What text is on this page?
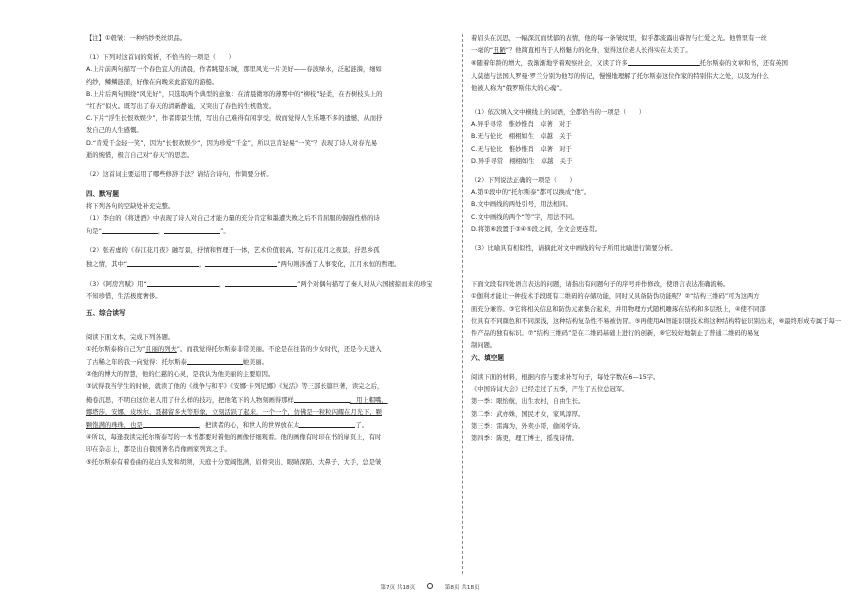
【注】①毂皱：一种绉纱类丝织品。

（1）下列对这首词的赏析，不恰当的一项是（　　）

A.上片前两句描写一个春色宜人的清晨，作者眺望东城，那里风光一片美好——春波绿水，泛起涟漪，细如

约纱，鳞鳞涟漾，好像在向晚来此游览的游船。

B.上片后两句围绕“风光好”，只选取两个典型的意象：在清晨微寒的薄雾中的“柳枝”轻柔，在杏树枝头上的

“红杏”似火。既写出了春天的清新静谧，又突出了春色的生机勃发。

C.下片“浮生长恨欢娱少”，作者即景生情，写出自己难得有闲享受，故而觉得人生乐趣不多的遗憾，从而抒

发自己的人生感慨。

D.“肯爱千金轻一笑”，因为“长恨欢娱少”，因为珍爱“千金”，所以岂肯轻易“一笑”？表现了诗人对春光易

逝的惋惜，极言自己对“春天”的思恋。

（2）这首词主要运用了哪些修辞手法？请结合诗句，作简要分析。

四、默写题

将下列各句的空缺处补充完整。

（1）李白的《将进酒》中表现了诗人对自己才能力量的充分肯定和墨遭失败之后不肯屈服的倔强性格的诗

句是“	，	”。

（2）张若虚的《春江花月夜》融写景，抒情和哲理于一体，艺术价值很高，写春江花月之夜景，抒思乡孤

独之情，其中“	，	”两句则涉透了人事变化，江月永恒的哲理。

（3）《阿房宫赋》用“	，	”两个对偶句描写了秦人对从六国掳掠而来的珍宝

不知珍惜，生活极度奢侈。

五、综合读写

阅读下面文本，完成下列各题。

①托尔斯泰称自己为“且丽的列夫”。而我觉得托尔斯泰非常美丽。不论是在往昔的少女时代，还是今天进入

了古稀之年的我一向觉得：托尔斯泰	她美丽。

②他的博大的智慧，他的仁慈的心灵，是我认为他美丽的主要原因。

③试得我当学生的时候，就读了他的《战争与和平》《安娜·卡列尼娜》《复活》等三部长篇巨著，读完之后，

掩卷沉思，不明白这位老人用了什么样的技巧，把他笔下的人物刻画得那样	，用上帽嘴，

娜塔莎，安娜，皮埃尔，聂赫留多夫等形象，立刻活跃了起来，一个一个，仿佛是一粒粒闪耀在月光下，颗

颗饱满的珠珠，也是	，把读者的心，和世人的世界放在太	了。

④所以，每逢我读完托尔斯泰写的一本书都要对着他的画像仔细观看。他的画像有时印在书的扉页上，有时

印在杂志上，都是出自俄国著名肖像画家列宾之手。

⑤托尔斯泰有着卷曲的花白头发和胡须，天庭十分宽阔饱满，眉骨突出、眼睛深陷、大鼻子、大手，总是皱

着眉头在沉思，一幅深沉而忧郁的表情，他的每一条皱纹里，似乎都流露出睿智与仁爱之光。他曾里有一丝

一毫的“丑陋”？他简直相当于人格魅力的化身，觉得这位老人长得实在太美了。

⑥随着年龄的增大，我渐渐地学着观察社会，又读了许多	托尔斯泰的文章和书，还有英国

人莫德与法国人罗曼·罗兰分别为他写的传记，慢慢地理解了托尔斯泰这位作家的特别伟大之处，以及为什么

他被人称为“俄罗斯伟大的心魂”。

（1）依次填入文中横线上的词语，全都恰当的一项是（　　）

A.异乎寻常　惟妙惟肖　卓著　对于

B.无与伦比　栩栩如生　卓越　关于

C.无与伦比　惟妙惟肖　卓著　对于

D.异乎寻常　栩栩如生　卓越　关于

（2）下列说法正确的一项是（　　）

A.第①段中的“托尔斯泰”都可以换成“他”。

B.文中画线的两处引号，用法相同。

C.文中画线的两个“等”字，用法不同。

D.将第⑥段置于③④⑤段之间，全文会更连贯。

（3）比喻具有相似性，请摘此对文中画线的句子所用比喻进行简要分析。

下面文段有四处语言表达的问题，请指出有问题句子的序号并作修改，使语言表达准确流畅。

①伽利才能让一种技术手段既有二维码的存储功能，同时又具备防伪功能呢？②“结构三维码”可为这两方

面充分兼容。③它将相关信息和防伪元素集合起来，并用物理方式随机雕琢在结构和多层纸上，④使不同部

位具有不同颜色和不同深浅，这种结构复杂性不易被仿冒。⑤再使用AI智能识别技术将这种结构特征识别出来，⑥最终形成专属于每一

件产品的独有标识。⑦“结构三维码”是在二维码基础上进行的创新，⑧它较好地制止了普通二维码的易复

制问题。

六、填空题

阅读下面的材料，根据内容与要求补写句子，每处字数在6—15字。

《中国诗词大会》已经走过了五季，产生了五位总冠军。

第一季：眼怡航，出生农村，自由生长。

第二季：武亦姝，国民才女，家风淳厚。

第三季：雷海为，外卖小哥，偷闲学诗。

第四季：陈更，理工博士，摇曳诗情。

第7页 共18页	第8页 共18页
